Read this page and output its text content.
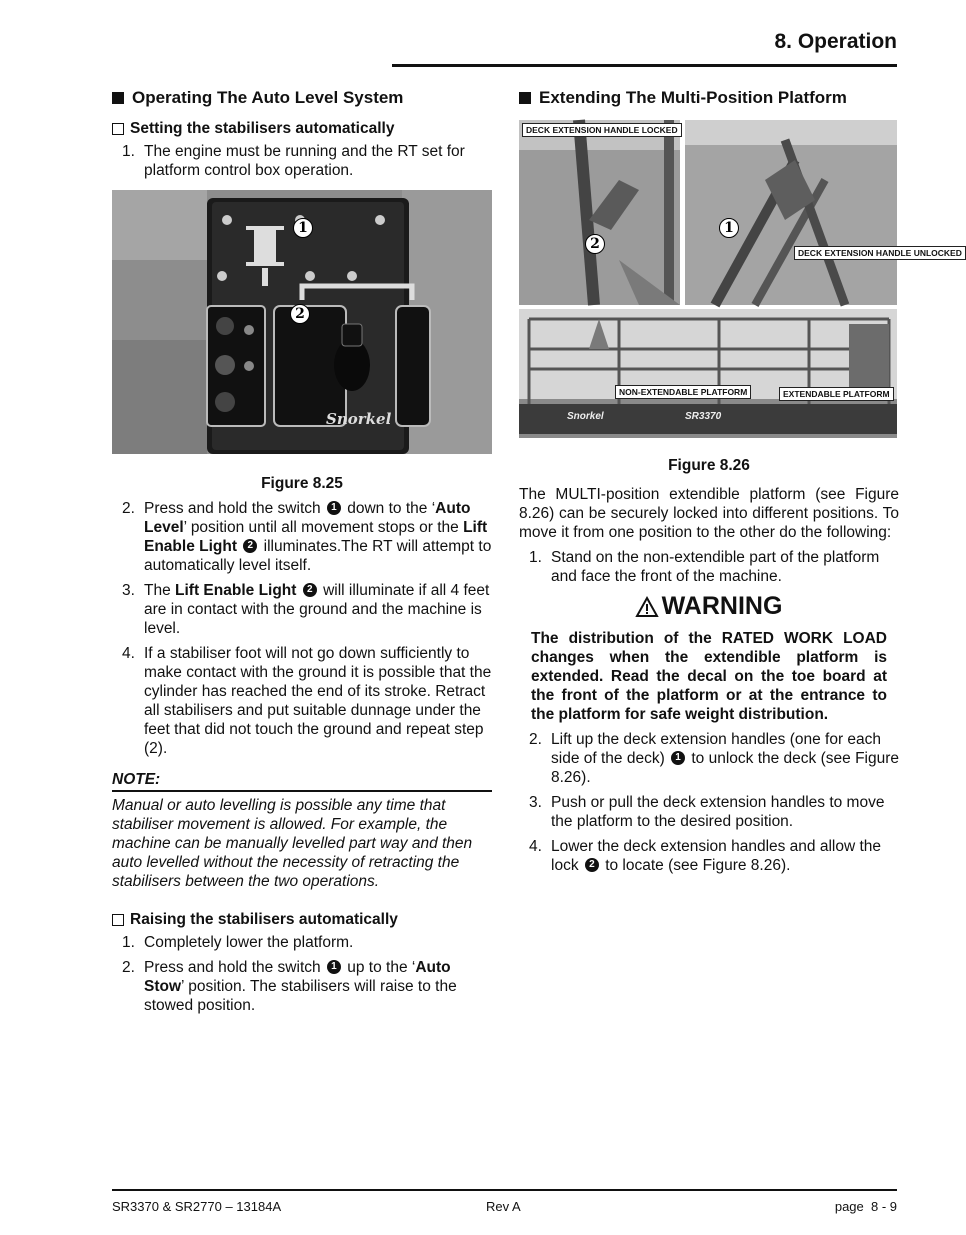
8. Operation
Operating The Auto Level System
Setting the stabilisers automatically
1. The engine must be running and the RT set for platform control box operation.
1
2
Snorkel

Figure 8.25

2. Press and hold the switch 1 down to the ‘Auto Level’ position until all movement stops or the Lift Enable Light 2 illuminates.The RT will attempt to automatically level itself.
3. The Lift Enable Light 2 will illuminate if all 4 feet are in contact with the ground and the machine is level.
4. If a stabiliser foot will not go down sufficiently to make contact with the ground it is possible that the cylinder has reached the end of its stroke. Retract all stabilisers and put suitable dunnage under the feet that did not touch the ground and repeat step (2).

NOTE:

Manual or auto levelling is possible any time that stabiliser movement is allowed. For example, the machine can be manually levelled part way and then auto levelled without the necessity of retracting the stabilisers between the two operations.

Raising the stabilisers automatically
1. Completely lower the platform.
2. Press and hold the switch 1 up to the ‘Auto Stow’ position. The stabilisers will raise to the stowed position.
Extending The Multi-Position Platform
DECK EXTENSION HANDLE LOCKED
2
1
DECK EXTENSION HANDLE UNLOCKED
NON-EXTENDABLE PLATFORM	EXTENDABLE PLATFORM
Snorkel	SR3370

Figure 8.26

The MULTI-position extendible platform (see Figure 8.26) can be securely locked into different positions. To move it from one position to the other do the following:

1. Stand on the non-extendible part of the platform and face the front of the machine.
WARNING

The distribution of the RATED WORK LOAD changes when the extendible platform is extended. Read the decal on the toe board at the front of the platform or at the entrance to the platform for safe weight distribution.

2. Lift up the deck extension handles (one for each side of the deck) 1 to unlock the deck (see Figure 8.26).
3. Push or pull the deck extension handles to move the platform to the desired position.
4. Lower the deck extension handles and allow the lock 2 to locate (see Figure 8.26).
SR3370 & SR2770 – 13184A	Rev A	page  8 - 9
